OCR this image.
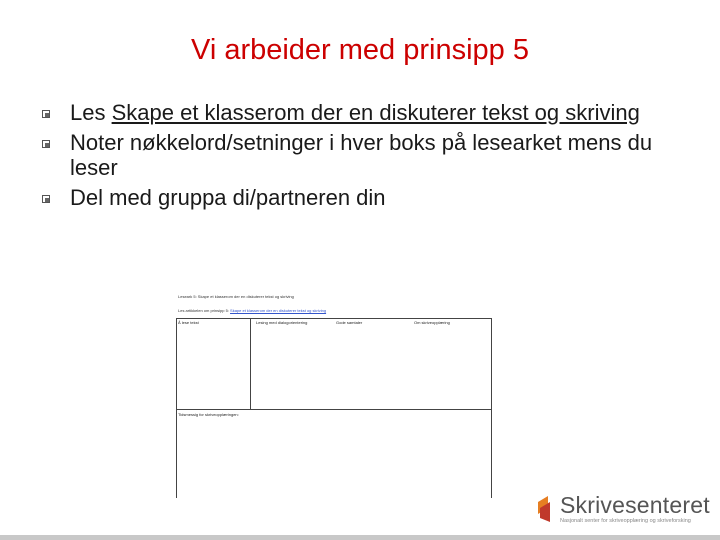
Vi arbeider med prinsipp 5
Les Skape et klasserom der en diskuterer tekst og skriving
Noter nøkkelord/setninger i hver boks på lesearket mens du leser
Del med gruppa di/partneren din
Leseark 5: Skape et klasserom der en diskuterer tekst og skriving
Les artikkelen om prinsipp 5: Skape et klasserom der en diskuterer tekst og skriving
Å lese tekst	Lesing med dialogorientering	Gode samtaler	Om skriveopplæring
Tidsmessig for skriveopplæringen:
Skrivesenteret
Nasjonalt senter for skriveopplæring og skriveforsking
